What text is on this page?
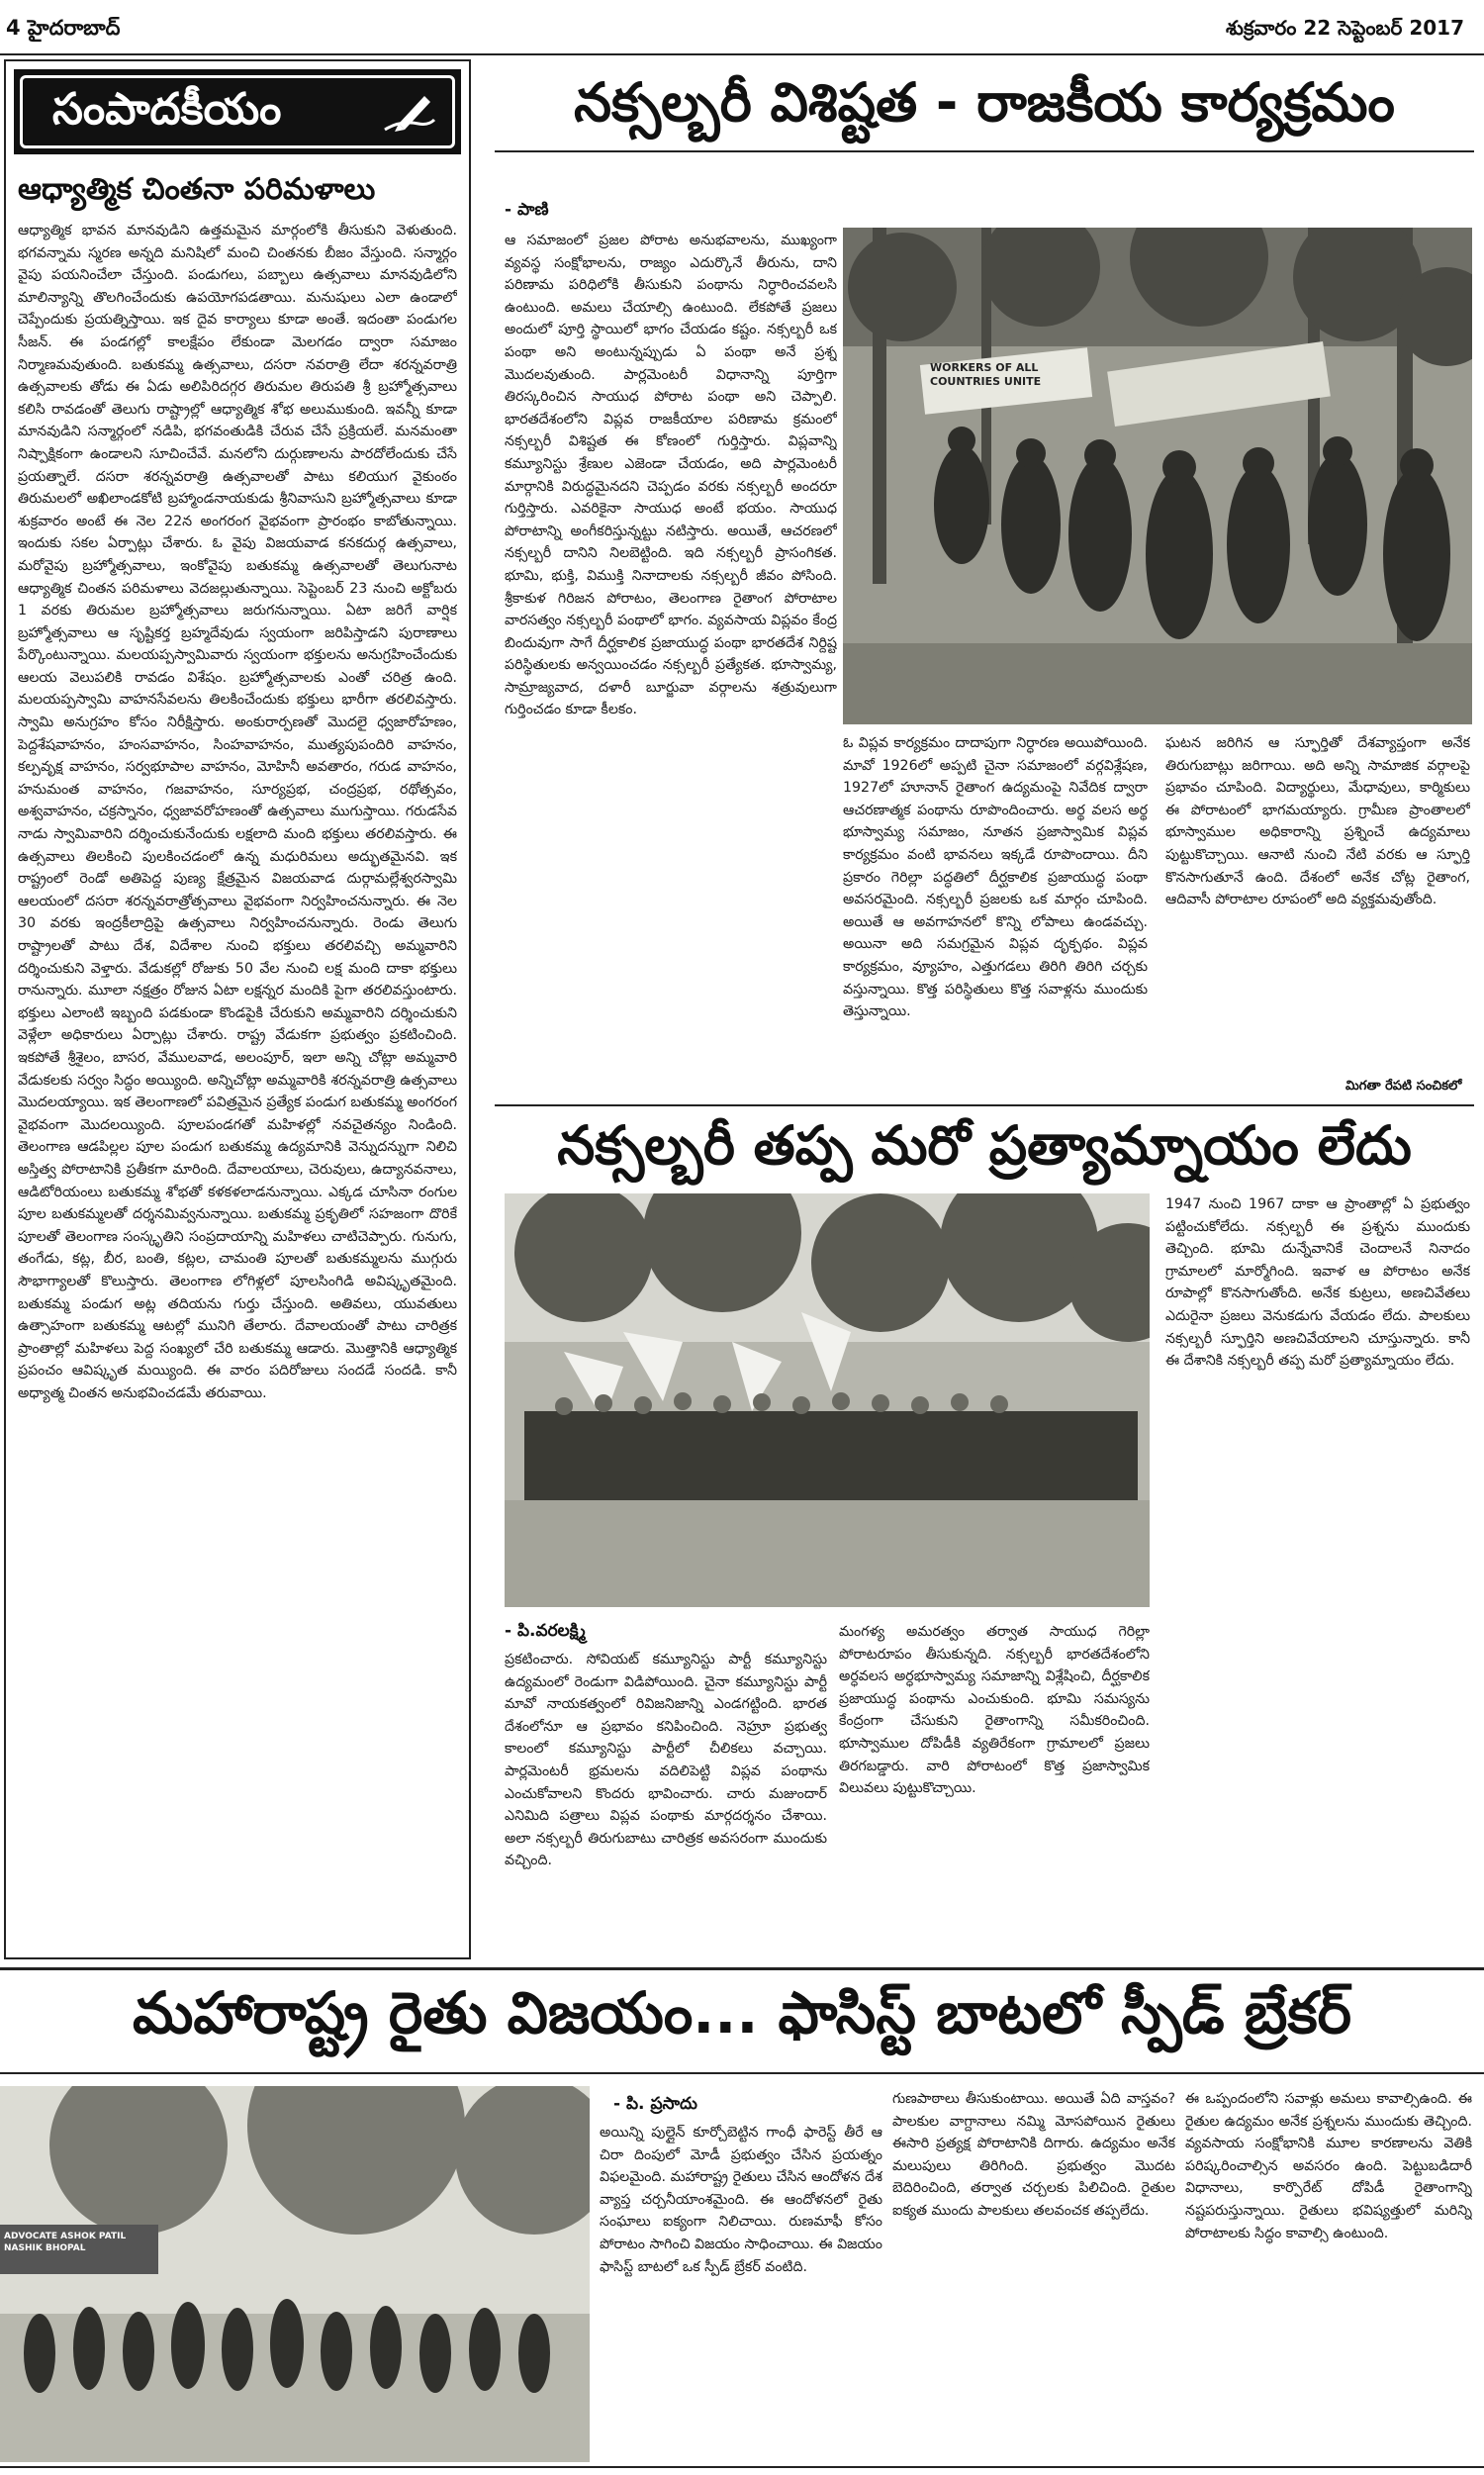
4 హైదరాబాద్	శుక్రవారం 22 సెప్టెంబర్ 2017
సంపాదకీయం
ఆధ్యాత్మిక చింతనా పరిమళాలు
ఆధ్యాత్మిక భావన మానవుడిని ఉత్తమమైన మార్గంలోకి తీసుకుని వెళుతుంది. భగవన్నామ స్మరణ అన్నది మనిషిలో మంచి చింతనకు బీజం వేస్తుంది. సన్మార్గం వైపు పయనించేలా చేస్తుంది. పండుగలు, పబ్బాలు ఉత్సవాలు మానవుడిలోని మాలిన్యాన్ని తొలగించేందుకు ఉపయోగపడతాయి. మనుషులు ఎలా ఉండాలో చెప్పేందుకు ప్రయత్నిస్తాయి. ఇక దైవ కార్యాలు కూడా అంతే. ఇదంతా పండుగల సీజన్. ఈ పండగల్లో కాలక్షేపం లేకుండా మెలగడం ద్వారా సమాజం నిర్మాణమవుతుంది. బతుకమ్మ ఉత్సవాలు, దసరా నవరాత్రి లేదా శరన్నవరాత్రి ఉత్సవాలకు తోడు ఈ ఏడు అలిపిరిదగ్గర తిరుమల తిరుపతి శ్రీ బ్రహ్మోత్సవాలు కలిసి రావడంతో తెలుగు రాష్ట్రాల్లో ఆధ్యాత్మిక శోభ అలుముకుంది. ఇవన్నీ కూడా మానవుడిని సన్మార్గంలో నడిపి, భగవంతుడికి చేరువ చేసే ప్రక్రియలే. మనమంతా నిష్పాక్షికంగా ఉండాలని సూచించేవే. మనలోని దుర్గుణాలను పారదోలేందుకు చేసే ప్రయత్నాలే. దసరా శరన్నవరాత్రి ఉత్సవాలతో పాటు కలియుగ వైకుంఠం తిరుమలలో అఖిలాండకోటి బ్రహ్మాండనాయకుడు శ్రీనివాసుని బ్రహ్మోత్సవాలు కూడా శుక్రవారం అంటే ఈ నెల 22న అంగరంగ వైభవంగా ప్రారంభం కాబోతున్నాయి. ఇందుకు సకల ఏర్పాట్లు చేశారు. ఓ వైపు విజయవాడ కనకదుర్గ ఉత్సవాలు, మరోవైపు బ్రహ్మోత్సవాలు, ఇంకోవైపు బతుకమ్మ ఉత్సవాలతో తెలుగునాట ఆధ్యాత్మిక చింతన పరిమళాలు వెదజల్లుతున్నాయి. సెప్టెంబర్ 23 నుంచి అక్టోబరు 1 వరకు తిరుమల బ్రహ్మోత్సవాలు జరుగనున్నాయి. ఏటా జరిగే వార్షిక బ్రహ్మోత్సవాలు ఆ సృష్టికర్త బ్రహ్మదేవుడు స్వయంగా జరిపిస్తాడని పురాణాలు పేర్కొంటున్నాయి. మలయప్పస్వామివారు స్వయంగా భక్తులను అనుగ్రహించేందుకు ఆలయ వెలుపలికి రావడం విశేషం. బ్రహ్మోత్సవాలకు ఎంతో చరిత్ర ఉంది. మలయప్పస్వామి వాహనసేవలను తిలకించేందుకు భక్తులు భారీగా తరలివస్తారు. స్వామి అనుగ్రహం కోసం నిరీక్షిస్తారు. అంకురార్పణతో మొదలై ధ్వజారోహణం, పెద్దశేషవాహనం, హంసవాహనం, సింహవాహనం, ముత్యపుపందిరి వాహనం, కల్పవృక్ష వాహనం, సర్వభూపాల వాహనం, మోహినీ అవతారం, గరుడ వాహనం, హనుమంత వాహనం, గజవాహనం, సూర్యప్రభ, చంద్రప్రభ, రథోత్సవం, అశ్వవాహనం, చక్రస్నానం, ధ్వజావరోహణంతో ఉత్సవాలు ముగుస్తాయి. గరుడసేవ నాడు స్వామివారిని దర్శించుకునేందుకు లక్షలాది మంది భక్తులు తరలివస్తారు. ఈ ఉత్సవాలు తిలకించి పులకించడంలో ఉన్న మధురిమలు అద్భుతమైనవి. ఇక రాష్ట్రంలో రెండో అతిపెద్ద పుణ్య క్షేత్రమైన విజయవాడ దుర్గామల్లేశ్వరస్వామి ఆలయంలో దసరా శరన్నవరాత్రోత్సవాలు వైభవంగా నిర్వహించనున్నారు. ఈ నెల 30 వరకు ఇంద్రకీలాద్రిపై ఉత్సవాలు నిర్వహించనున్నారు. రెండు తెలుగు రాష్ట్రాలతో పాటు దేశ, విదేశాల నుంచి భక్తులు తరలివచ్చి అమ్మవారిని దర్శించుకుని వెళ్తారు. వేడుకల్లో రోజుకు 50 వేల నుంచి లక్ష మంది దాకా భక్తులు రానున్నారు. మూలా నక్షత్రం రోజున ఏటా లక్షన్నర మందికి పైగా తరలివస్తుంటారు. భక్తులు ఎలాంటి ఇబ్బంది పడకుండా కొండపైకి చేరుకుని అమ్మవారిని దర్శించుకుని వెళ్లేలా అధికారులు ఏర్పాట్లు చేశారు. రాష్ట్ర వేడుకగా ప్రభుత్వం ప్రకటించింది. ఇకపోతే శ్రీశైలం, బాసర, వేములవాడ, అలంపూర్, ఇలా అన్ని చోట్లా అమ్మవారి వేడుకలకు సర్వం సిద్ధం అయ్యింది. అన్నిచోట్లా అమ్మవారికి శరన్నవరాత్రి ఉత్సవాలు మొదలయ్యాయి. ఇక తెలంగాణలో పవిత్రమైన ప్రత్యేక పండుగ బతుకమ్మ అంగరంగ వైభవంగా మొదలయ్యింది. పూలపండగతో మహిళల్లో నవచైతన్యం నిండింది. తెలంగాణ ఆడపిల్లల పూల పండుగ బతుకమ్మ ఉద్యమానికి వెన్నుదన్నుగా నిలిచి అస్తిత్వ పోరాటానికి ప్రతీకగా మారింది. దేవాలయాలు, చెరువులు, ఉద్యానవనాలు, ఆడిటోరియంలు బతుకమ్మ శోభతో కళకళలాడనున్నాయి. ఎక్కడ చూసినా రంగుల పూల బతుకమ్మలతో దర్శనమివ్వనున్నాయి. బతుకమ్మ ప్రకృతిలో సహజంగా దొరికే పూలతో తెలంగాణ సంస్కృతిని సంప్రదాయాన్ని మహిళలు చాటిచెప్పారు. గునుగు, తంగేడు, కట్ల, బీర, బంతి, కట్లల, చామంతి పూలతో బతుకమ్మలను ముగ్గురు సౌభాగ్యాలతో కొలుస్తారు. తెలంగాణ లోగిళ్లలో పూలసింగిడి అవిష్కృతమైంది. బతుకమ్మ పండుగ అట్ల తదియను గుర్తు చేస్తుంది. అతివలు, యువతులు ఉత్సాహంగా బతుకమ్మ ఆటల్లో మునిగి తేలారు. దేవాలయంతో పాటు చారిత్రక ప్రాంతాల్లో మహిళలు పెద్ద సంఖ్యలో చేరి బతుకమ్మ ఆడారు. మొత్తానికి ఆధ్యాత్మిక ప్రపంచం ఆవిష్కృత మయ్యింది. ఈ వారం పదిరోజులు సందడే సందడి. కానీ అధ్యాత్మ చింతన అనుభవించడమే తరువాయి.
నక్సల్బరీ విశిష్టత - రాజకీయ కార్యక్రమం
- పాణి
ఆ సమాజంలో ప్రజల పోరాట అనుభవాలను, ముఖ్యంగా వ్యవస్థ సంక్షోభాలను, రాజ్యం ఎదుర్కొనే తీరును, దాని పరిణామ పరిధిలోకి తీసుకుని పంథాను నిర్ధారించవలసి ఉంటుంది. అమలు చేయాల్సి ఉంటుంది. లేకపోతే ప్రజలు అందులో పూర్తి స్థాయిలో భాగం చేయడం కష్టం. నక్సల్బరీ ఒక పంథా అని అంటున్నప్పుడు ఏ పంథా అనే ప్రశ్న మొదలవుతుంది. పార్లమెంటరీ విధానాన్ని పూర్తిగా తిరస్కరించిన సాయుధ పోరాట పంథా అని చెప్పాలి. భారతదేశంలోని విప్లవ రాజకీయాల పరిణామ క్రమంలో నక్సల్బరీ విశిష్టత ఈ కోణంలో గుర్తిస్తారు. విప్లవాన్ని కమ్యూనిస్టు శ్రేణుల ఎజెండా చేయడం, అది పార్లమెంటరీ మార్గానికి విరుద్ధమైనదని చెప్పడం వరకు నక్సల్బరీ అందరూ గుర్తిస్తారు. ఎవరికైనా సాయుధ అంటే భయం. సాయుధ పోరాటాన్ని అంగీకరిస్తున్నట్టు నటిస్తారు. అయితే, ఆచరణలో నక్సల్బరీ దానిని నిలబెట్టింది. ఇది నక్సల్బరీ ప్రాసంగికత. భూమి, భుక్తి, విముక్తి నినాదాలకు నక్సల్బరీ జీవం పోసింది. శ్రీకాకుళ గిరిజన పోరాటం, తెలంగాణ రైతాంగ పోరాటాల వారసత్వం నక్సల్బరీ పంథాలో భాగం. వ్యవసాయ విప్లవం కేంద్ర బిందువుగా సాగే దీర్ఘకాలిక ప్రజాయుద్ధ పంథా భారతదేశ నిర్దిష్ట పరిస్థితులకు అన్వయించడం నక్సల్బరీ ప్రత్యేకత. భూస్వామ్య, సామ్రాజ్యవాద, దళారీ బూర్జువా వర్గాలను శత్రువులుగా గుర్తించడం కూడా కీలకం.
WORKERS OF ALL COUNTRIES UNITE
ఓ విప్లవ కార్యక్రమం దాదాపుగా నిర్ధారణ అయిపోయింది. మావో 1926లో అప్పటి చైనా సమాజంలో వర్గవిశ్లేషణ, 1927లో హూనాన్ రైతాంగ ఉద్యమంపై నివేదిక ద్వారా ఆచరణాత్మక పంథాను రూపొందించారు. అర్థ వలస అర్థ భూస్వామ్య సమాజం, నూతన ప్రజాస్వామిక విప్లవ కార్యక్రమం వంటి భావనలు ఇక్కడే రూపొందాయి. దీని ప్రకారం గెరిల్లా పద్ధతిలో దీర్ఘకాలిక ప్రజాయుద్ధ పంథా అవసరమైంది. నక్సల్బరీ ప్రజలకు ఒక మార్గం చూపింది. అయితే ఆ అవగాహనలో కొన్ని లోపాలు ఉండవచ్చు. అయినా అది సమగ్రమైన విప్లవ దృక్పథం. విప్లవ కార్యక్రమం, వ్యూహం, ఎత్తుగడలు తిరిగి తిరిగి చర్చకు వస్తున్నాయి. కొత్త పరిస్థితులు కొత్త సవాళ్లను ముందుకు తెస్తున్నాయి.
ఘటన జరిగిన ఆ స్ఫూర్తితో దేశవ్యాప్తంగా అనేక తిరుగుబాట్లు జరిగాయి. అది అన్ని సామాజిక వర్గాలపై ప్రభావం చూపింది. విద్యార్థులు, మేధావులు, కార్మికులు ఈ పోరాటంలో భాగమయ్యారు. గ్రామీణ ప్రాంతాలలో భూస్వాముల అధికారాన్ని ప్రశ్నించే ఉద్యమాలు పుట్టుకొచ్చాయి. ఆనాటి నుంచి నేటి వరకు ఆ స్ఫూర్తి కొనసాగుతూనే ఉంది. దేశంలో అనేక చోట్ల రైతాంగ, ఆదివాసీ పోరాటాల రూపంలో అది వ్యక్తమవుతోంది.
మిగతా రేపటి సంచికలో
నక్సల్బరీ తప్ప మరో ప్రత్యామ్నాయం లేదు
1947 నుంచి 1967 దాకా ఆ ప్రాంతాల్లో ఏ ప్రభుత్వం పట్టించుకోలేదు. నక్సల్బరీ ఈ ప్రశ్నను ముందుకు తెచ్చింది. భూమి దున్నేవానికే చెందాలనే నినాదం గ్రామాలలో మార్మోగింది. ఇవాళ ఆ పోరాటం అనేక రూపాల్లో కొనసాగుతోంది. అనేక కుట్రలు, అణచివేతలు ఎదురైనా ప్రజలు వెనుకడుగు వేయడం లేదు. పాలకులు నక్సల్బరీ స్ఫూర్తిని అణచివేయాలని చూస్తున్నారు. కానీ ఈ దేశానికి నక్సల్బరీ తప్ప మరో ప్రత్యామ్నాయం లేదు.
- పి.వరలక్ష్మి
ప్రకటించారు. సోవియట్ కమ్యూనిస్టు పార్టీ కమ్యూనిస్టు ఉద్యమంలో రెండుగా విడిపోయింది. చైనా కమ్యూనిస్టు పార్టీ మావో నాయకత్వంలో రివిజనిజాన్ని ఎండగట్టింది. భారత దేశంలోనూ ఆ ప్రభావం కనిపించింది. నెహ్రూ ప్రభుత్వ కాలంలో కమ్యూనిస్టు పార్టీలో చీలికలు వచ్చాయి. పార్లమెంటరీ భ్రమలను వదిలిపెట్టి విప్లవ పంథాను ఎంచుకోవాలని కొందరు భావించారు. చారు మజుందార్ ఎనిమిది పత్రాలు విప్లవ పంథాకు మార్గదర్శనం చేశాయి. అలా నక్సల్బరీ తిరుగుబాటు చారిత్రక అవసరంగా ముందుకు వచ్చింది.
మంగళ్య అమరత్వం తర్వాత సాయుధ గెరిల్లా పోరాటరూపం తీసుకున్నది. నక్సల్బరీ భారతదేశంలోని అర్ధవలస అర్ధభూస్వామ్య సమాజాన్ని విశ్లేషించి, దీర్ఘకాలిక ప్రజాయుద్ధ పంథాను ఎంచుకుంది. భూమి సమస్యను కేంద్రంగా చేసుకుని రైతాంగాన్ని సమీకరించింది. భూస్వాముల దోపిడీకి వ్యతిరేకంగా గ్రామాలలో ప్రజలు తిరగబడ్డారు. వారి పోరాటంలో కొత్త ప్రజాస్వామిక విలువలు పుట్టుకొచ్చాయి.
మహారాష్ట్ర రైతు విజయం... ఫాసిస్ట్ బాటలో స్పీడ్ బ్రేకర్
ADVOCATE ASHOK PATIL NASHIK BHOPAL
- పి. ప్రసాదు
అయిన్ని పుల్లైన్ కూర్చోబెట్టిన గాంధీ ఫారెస్ట్ తీరే ఆ చిరా దింపులో మోడీ ప్రభుత్వం చేసిన ప్రయత్నం విఫలమైంది. మహారాష్ట్ర రైతులు చేసిన ఆందోళన దేశ వ్యాప్త చర్చనీయాంశమైంది. ఈ ఆందోళనలో రైతు సంఘాలు ఐక్యంగా నిలిచాయి. రుణమాఫీ కోసం పోరాటం సాగించి విజయం సాధించాయి. ఈ విజయం ఫాసిస్ట్ బాటలో ఒక స్పీడ్ బ్రేకర్ వంటిది.
గుణపాఠాలు తీసుకుంటాయి. అయితే ఏది వాస్తవం? పాలకుల వాగ్దానాలు నమ్మి మోసపోయిన రైతులు ఈసారి ప్రత్యక్ష పోరాటానికి దిగారు. ఉద్యమం అనేక మలుపులు తిరిగింది. ప్రభుత్వం మొదట బెదిరించింది, తర్వాత చర్చలకు పిలిచింది. రైతుల ఐక్యత ముందు పాలకులు తలవంచక తప్పలేదు.
ఈ ఒప్పందంలోని సవాళ్లు అమలు కావాల్సిఉంది. ఈ రైతుల ఉద్యమం అనేక ప్రశ్నలను ముందుకు తెచ్చింది. వ్యవసాయ సంక్షోభానికి మూల కారణాలను వెతికి పరిష్కరించాల్సిన అవసరం ఉంది. పెట్టుబడిదారీ విధానాలు, కార్పొరేట్ దోపిడీ రైతాంగాన్ని నష్టపరుస్తున్నాయి. రైతులు భవిష్యత్తులో మరిన్ని పోరాటాలకు సిద్ధం కావాల్సి ఉంటుంది.
